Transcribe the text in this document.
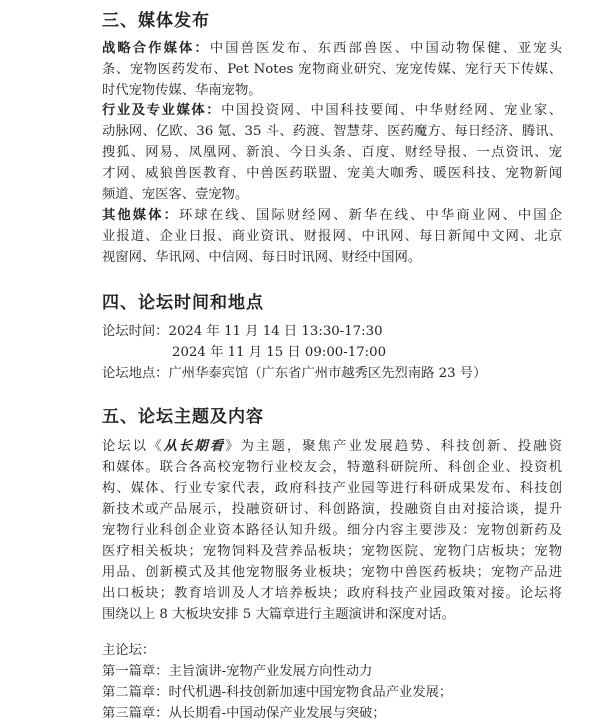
三、媒体发布
战略合作媒体：中国兽医发布、东西部兽医、中国动物保健、亚宠头
条、宠物医药发布、Pet Notes 宠物商业研究、宠宠传媒、宠行天下传媒、
时代宠物传媒、华南宠物。
行业及专业媒体：中国投资网、中国科技要闻、中华财经网、宠业家、
动脉网、亿欧、36 氪、35 斗、药渡、智慧芽、医药魔方、每日经济、腾讯、
搜狐、网易、凤凰网、新浪、今日头条、百度、财经导报、一点资讯、宠
才网、威狼兽医教育、中兽医药联盟、宠美大咖秀、暖医科技、宠物新闻
频道、宠医客、壹宠物。
其他媒体：环球在线、国际财经网、新华在线、中华商业网、中国企
业报道、企业日报、商业资讯、财报网、中讯网、每日新闻中文网、北京
视窗网、华讯网、中信网、每日时讯网、财经中国网。
四、论坛时间和地点
论坛时间：2024 年 11 月 14 日 13:30-17:30
2024 年 11 月 15 日 09:00-17:00
论坛地点：广州华泰宾馆（广东省广州市越秀区先烈南路 23 号）
五、论坛主题及内容
论坛以《从长期看》为主题，聚焦产业发展趋势、科技创新、投融资
和媒体。联合各高校宠物行业校友会，特邀科研院所、科创企业、投资机
构、媒体、行业专家代表，政府科技产业园等进行科研成果发布、科技创
新技术或产品展示，投融资研讨、科创路演，投融资自由对接洽谈，提升
宠物行业科创企业资本路径认知升级。细分内容主要涉及：宠物创新药及
医疗相关板块；宠物饲料及营养品板块；宠物医院、宠物门店板块；宠物
用品、创新模式及其他宠物服务业板块；宠物中兽医药板块；宠物产品进
出口板块；教育培训及人才培养板块；政府科技产业园政策对接。论坛将
围绕以上 8 大板块安排 5 大篇章进行主题演讲和深度对话。
主论坛：
第一篇章：主旨演讲-宠物产业发展方向性动力
第二篇章：时代机遇-科技创新加速中国宠物食品产业发展；
第三篇章：从长期看-中国动保产业发展与突破；
